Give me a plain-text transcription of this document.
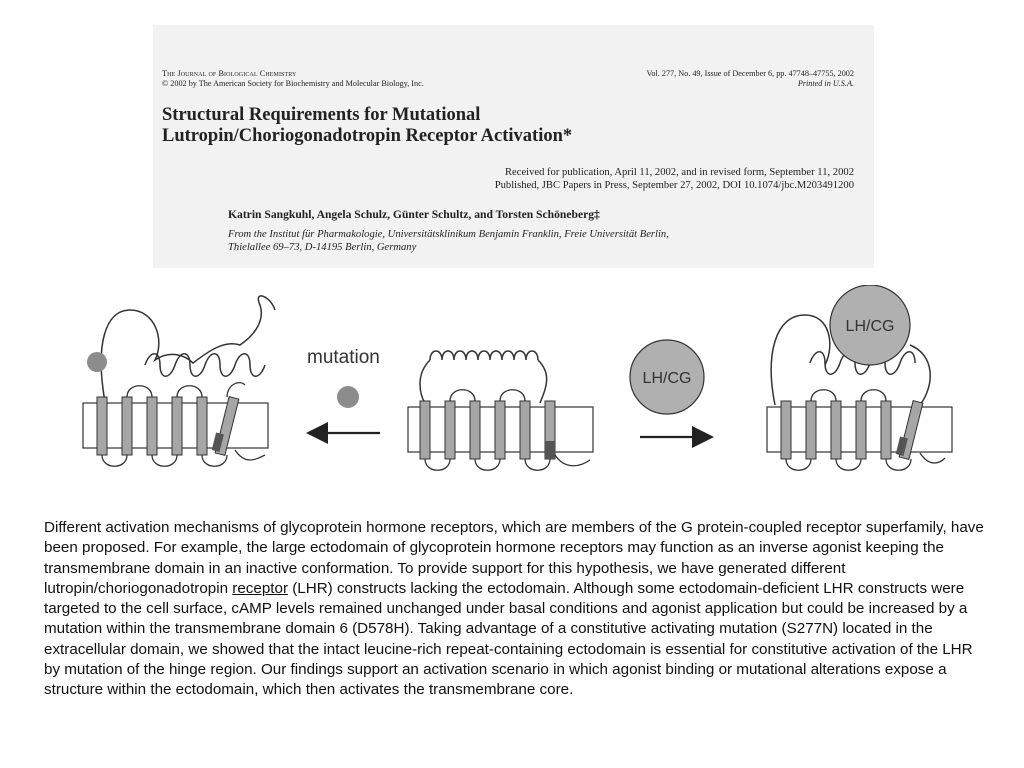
The Journal of Biological Chemistry
© 2002 by The American Society for Biochemistry and Molecular Biology, Inc.
Vol. 277, No. 49, Issue of December 6, pp. 47748–47755, 2002
Printed in U.S.A.
Structural Requirements for Mutational
Lutropin/Choriogonadotropin Receptor Activation*
Received for publication, April 11, 2002, and in revised form, September 11, 2002
Published, JBC Papers in Press, September 27, 2002, DOI 10.1074/jbc.M203491200
Katrin Sangkuhl, Angela Schulz, Günter Schultz, and Torsten Schöneberg‡
From the Institut für Pharmakologie, Universitätsklinikum Benjamin Franklin, Freie Universität Berlin,
Thielallee 69–73, D-14195 Berlin, Germany
mutation
LH/CG
LH/CG
Different activation mechanisms of glycoprotein hormone receptors, which are members of the G protein-coupled receptor superfamily, have been proposed. For example, the large ectodomain of glycoprotein hormone receptors may function as an inverse agonist keeping the transmembrane domain in an inactive conformation. To provide support for this hypothesis, we have generated different lutropin/choriogonadotropin receptor (LHR) constructs lacking the ectodomain. Although some ectodomain-deficient LHR constructs were targeted to the cell surface, cAMP levels remained unchanged under basal conditions and agonist application but could be increased by a mutation within the transmembrane domain 6 (D578H). Taking advantage of a constitutive activating mutation (S277N) located in the extracellular domain, we showed that the intact leucine-rich repeat-containing ectodomain is essential for constitutive activation of the LHR by mutation of the hinge region. Our findings support an activation scenario in which agonist binding or mutational alterations expose a structure within the ectodomain, which then activates the transmembrane core.
